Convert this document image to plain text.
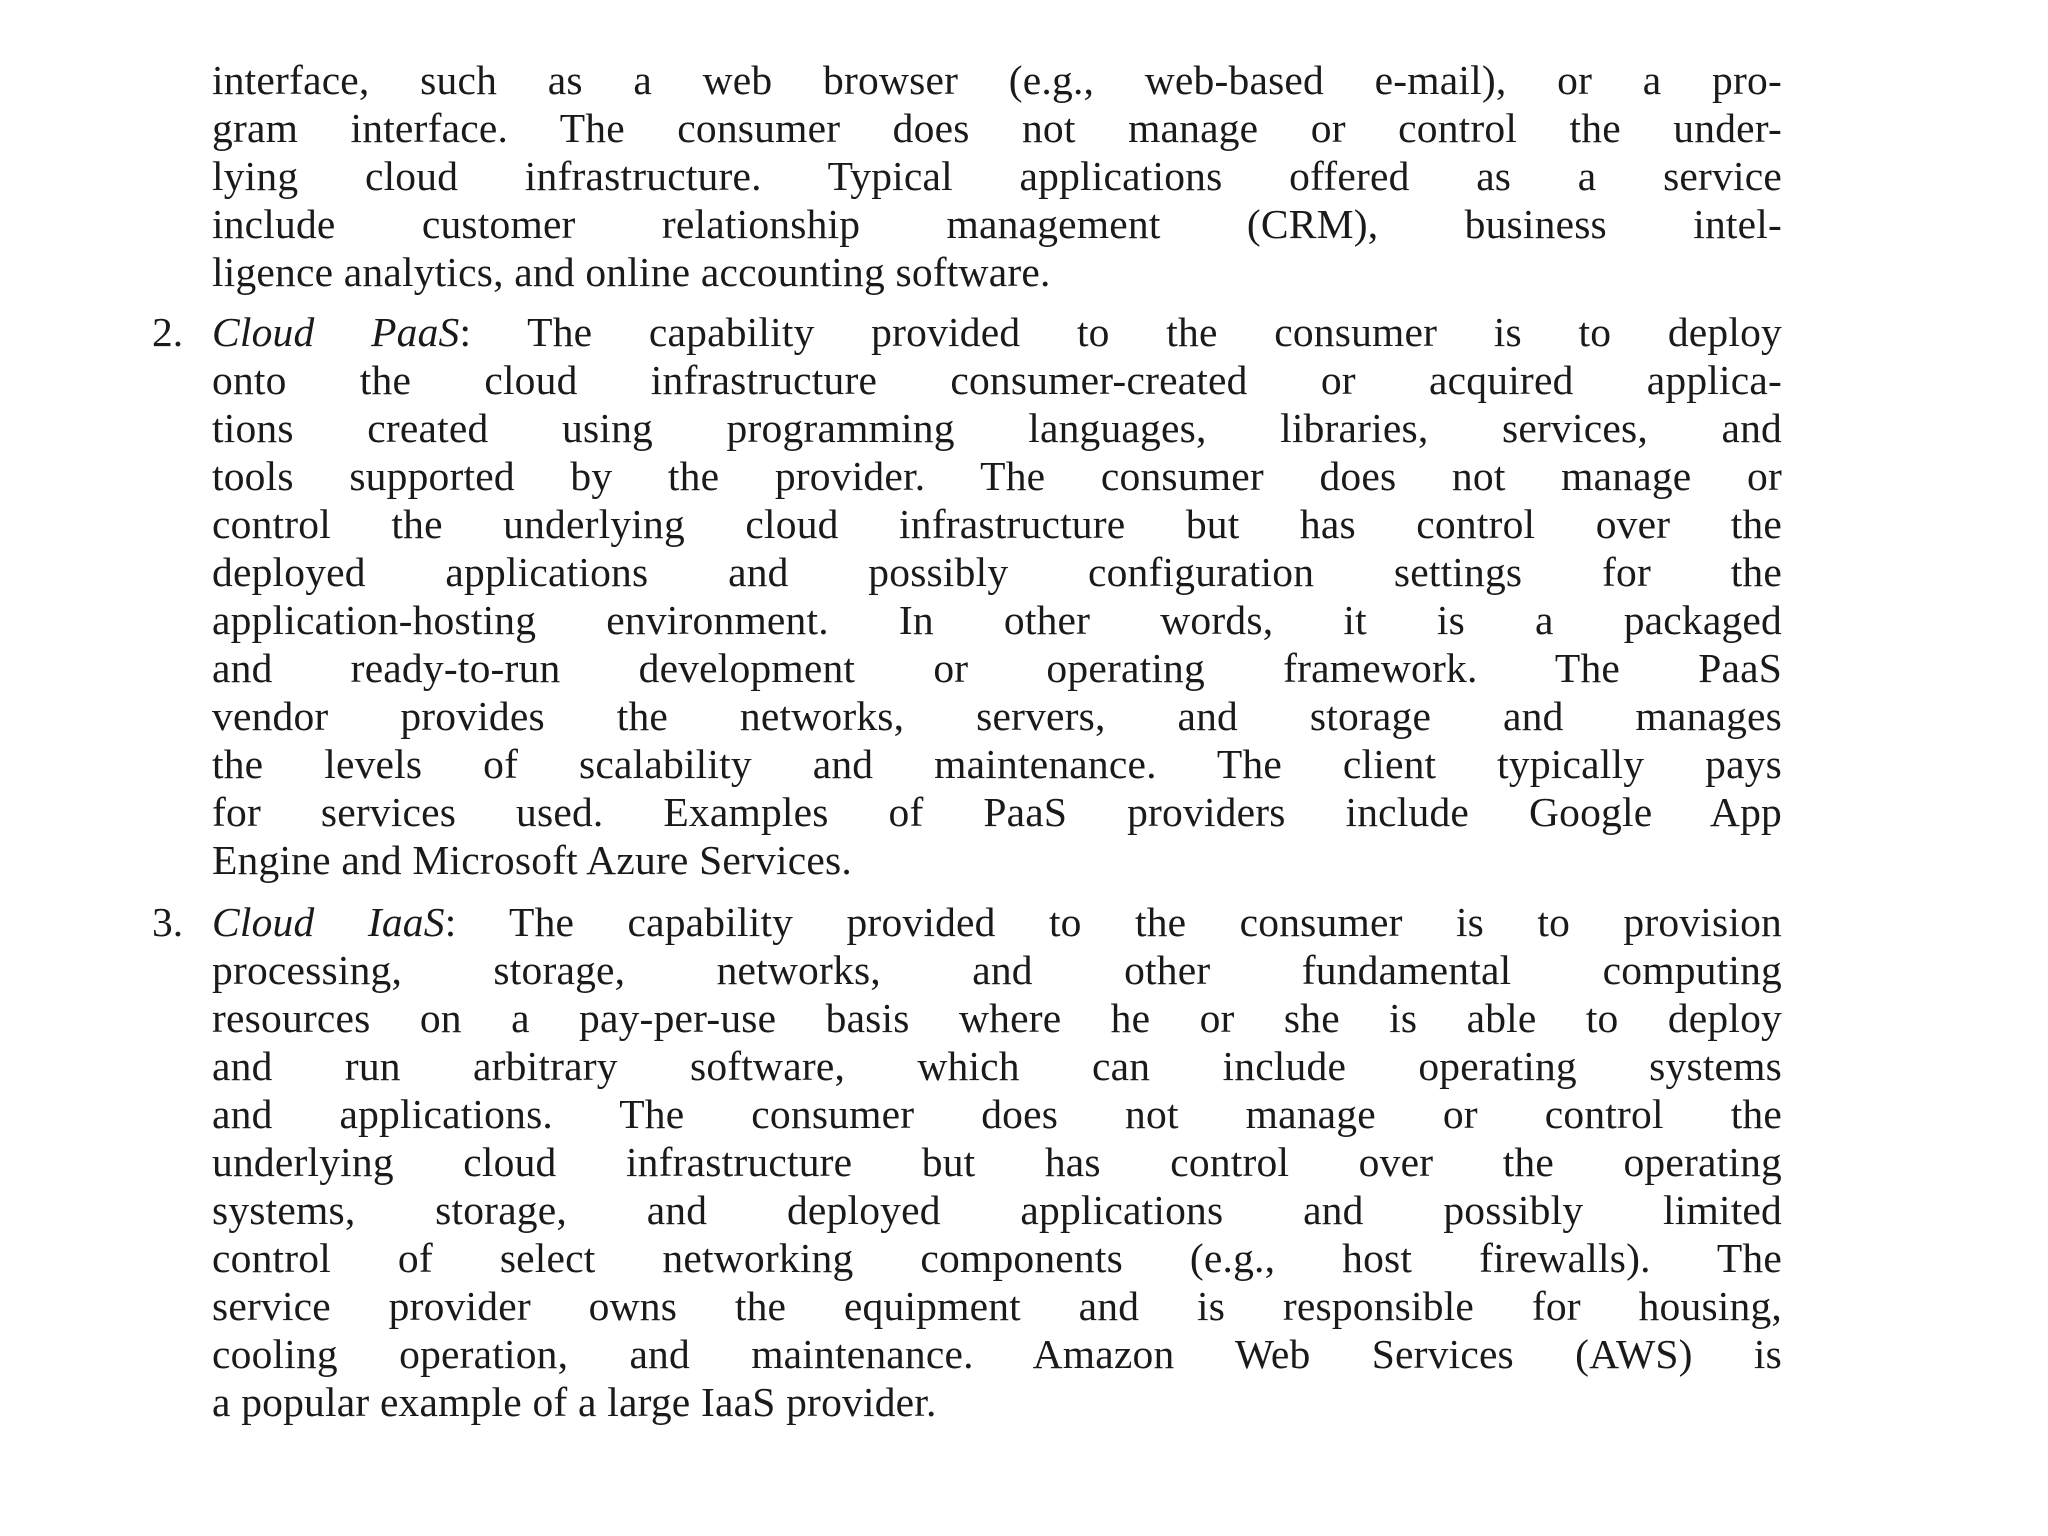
interface, such as a web browser (e.g., web-based e-mail), or a pro-
gram interface. The consumer does not manage or control the under-
lying cloud infrastructure. Typical applications offered as a service
include customer relationship management (CRM), business intel-
ligence analytics, and online accounting software.
2. Cloud PaaS: The capability provided to the consumer is to deploy
onto the cloud infrastructure consumer-created or acquired applica-
tions created using programming languages, libraries, services, and
tools supported by the provider. The consumer does not manage or
control the underlying cloud infrastructure but has control over the
deployed applications and possibly configuration settings for the
application-hosting environment. In other words, it is a packaged
and ready-to-run development or operating framework. The PaaS
vendor provides the networks, servers, and storage and manages
the levels of scalability and maintenance. The client typically pays
for services used. Examples of PaaS providers include Google App
Engine and Microsoft Azure Services.
3. Cloud IaaS: The capability provided to the consumer is to provision
processing, storage, networks, and other fundamental computing
resources on a pay-per-use basis where he or she is able to deploy
and run arbitrary software, which can include operating systems
and applications. The consumer does not manage or control the
underlying cloud infrastructure but has control over the operating
systems, storage, and deployed applications and possibly limited
control of select networking components (e.g., host firewalls). The
service provider owns the equipment and is responsible for housing,
cooling operation, and maintenance. Amazon Web Services (AWS) is
a popular example of a large IaaS provider.
